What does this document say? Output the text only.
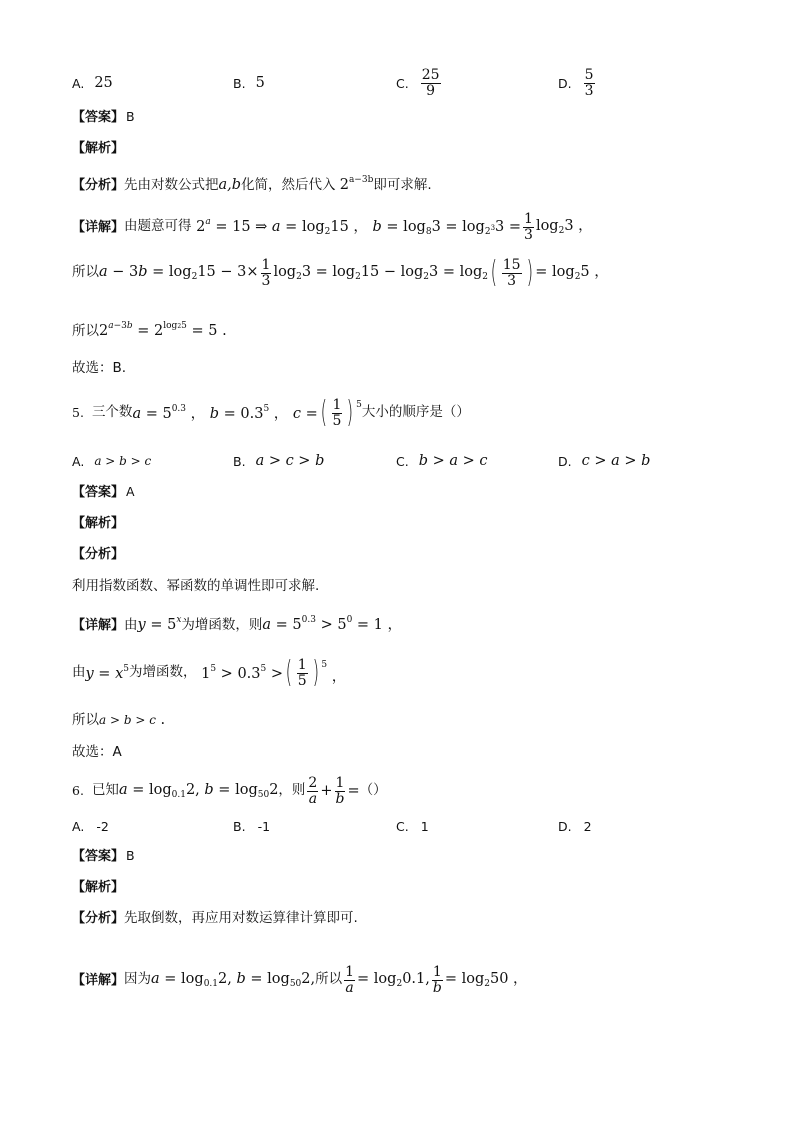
A. 25	B. 5	C. $\frac{25}{9}$	D. $\frac{5}{3}$
【答案】 B
【解析】
【分析】先由对数公式把a,b化简，然后代入 $2^{a-3b}$即可求解.
【详解】 由题意可得 $2^a = 15$ ⇒ $a = \log_215$ ， $b = \log_83 = \log_{2^3}3 = \frac{1}{3} \log_23$ ，
所以 $a - 3b = \log_215 - 3\times \frac{1}{3} \log_23 = \log_215 - \log_23 = \log_2$ ( $\frac{15}{3}$ ) = $\log_25$ ，
所以$2^{a-3b} = 2^{log25} = 5$ .
故选：B.
5. 三个数 $a = 5^{0.3}$ ， $b = 0.3^5$ ， c = ( $\frac{1}{5}$ ) $^5$ 大小的顺序是（）
A. a > b > c	B. a > c > b	C. b > a > c	D. c > a > b
【答案】 A
【解析】
【分析】
利用指数函数、幂函数的单调性即可求解.
【详解】由$y = 5^x$为增函数，则$a = 5^{0.3} > 5^0 = 1$ ，
由 $y = x^5$ 为增函数， $1^5 > 0.3^5$ > ( $\frac{1}{5}$ ) $^5$ ，
所以a > b > c .
故选：A
6. 已知 $a = \log_{0.1}2$, $b = \log_{50}2$ ，则 $\frac{2}{a} + \frac{1}{b}$ = （）
A. -2	B. -1	C. 1	D. 2
【答案】 B
【解析】
【分析】先取倒数，再应用对数运算律计算即可.
【详解】 因为 $a = \log_{0.1}2$, $b = \log_{50}2$, 所以 $\frac{1}{a} = \log_20.1$, $\frac{1}{b} = \log_250$ ，
